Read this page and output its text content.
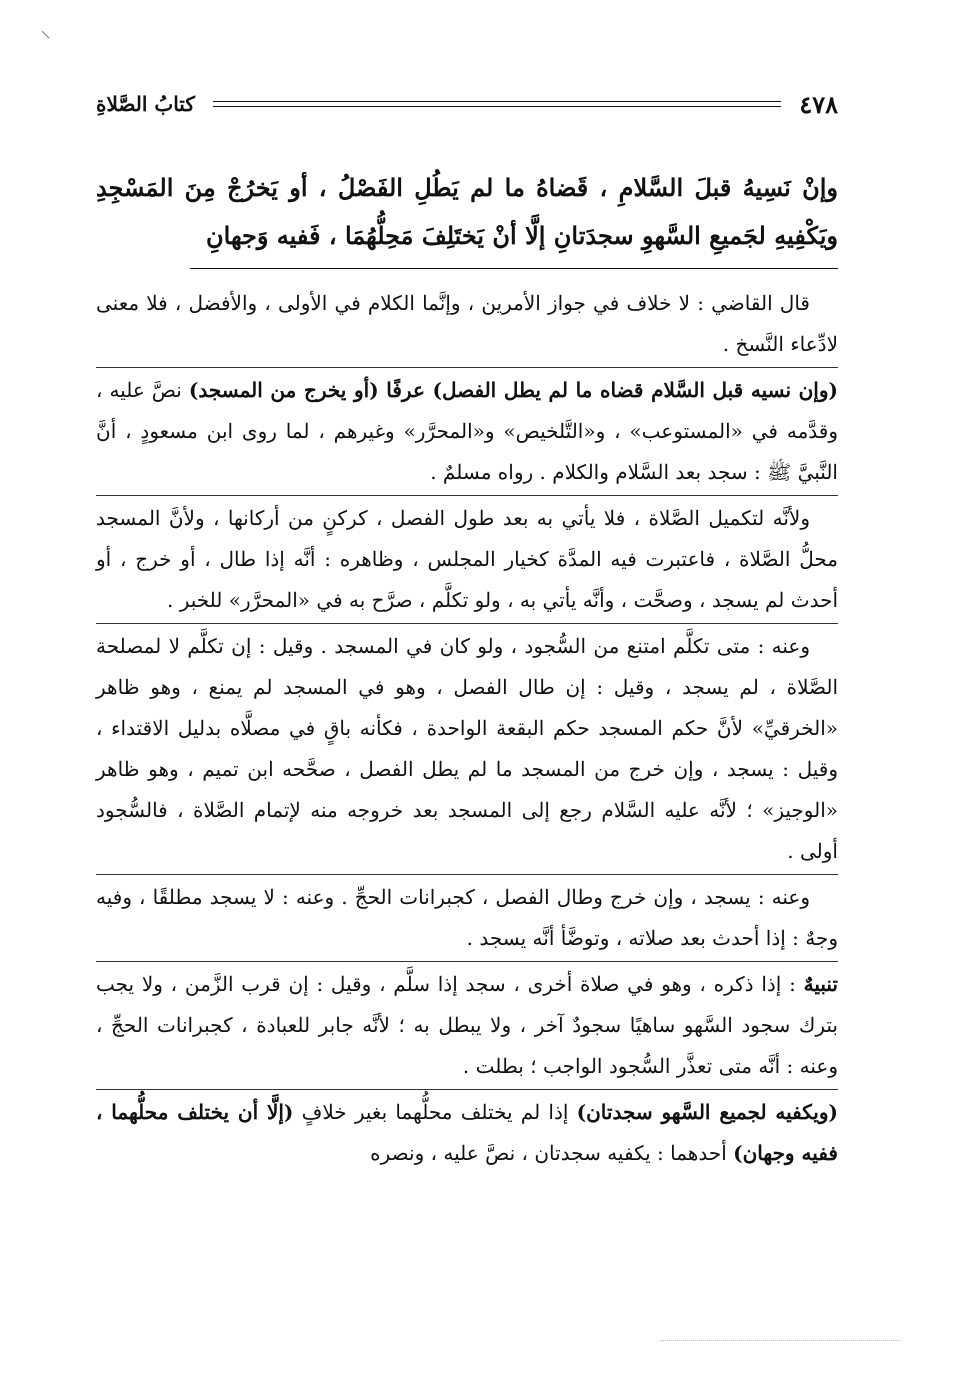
٤٧٨
كتابُ الصَّلاةِ
وإنْ نَسِيهُ قبلَ السَّلامِ ، قَضاهُ ما لم يَطُلِ الفَصْلُ ، أو يَخرُجْ مِنَ المَسْجِدِ ويَكْفِيهِ لجَميعِ السَّهوِ سجدَتانِ إلَّا أنْ يَختَلِفَ مَحِلُّهُمَا ، فَفيه وَجهانِ
قال القاضي : لا خلاف في جواز الأمرين ، وإنَّما الكلام في الأولى ، والأفضل ، فلا معنى لادِّعاء النَّسخ .
(وإن نسيه قبل السَّلام قضاه ما لم يطل الفصل) عرفًا (أو يخرج من المسجد) نصَّ عليه ، وقدَّمه في «المستوعب» ، و«التَّلخيص» و«المحرَّر» وغيرهم ، لما روى ابن مسعودٍ ، أنَّ النَّبيَّ ﷺ : سجد بعد السَّلام والكلام . رواه مسلمٌ .
ولأنَّه لتكميل الصَّلاة ، فلا يأتي به بعد طول الفصل ، كركنٍ من أركانها ، ولأنَّ المسجد محلُّ الصَّلاة ، فاعتبرت فيه المدَّة كخيار المجلس ، وظاهره : أنَّه إذا طال ، أو خرج ، أو أحدث لم يسجد ، وصحَّت ، وأنَّه يأتي به ، ولو تكلَّم ، صرَّح به في «المحرَّر» للخبر .
وعنه : متى تكلَّم امتنع من السُّجود ، ولو كان في المسجد . وقيل : إن تكلَّم لا لمصلحة الصَّلاة ، لم يسجد ، وقيل : إن طال الفصل ، وهو في المسجد لم يمنع ، وهو ظاهر «الخرقيِّ» لأنَّ حكم المسجد حكم البقعة الواحدة ، فكأنه باقٍ في مصلَّاه بدليل الاقتداء ، وقيل : يسجد ، وإن خرج من المسجد ما لم يطل الفصل ، صحَّحه ابن تميم ، وهو ظاهر «الوجيز» ؛ لأنَّه عليه السَّلام رجع إلى المسجد بعد خروجه منه لإتمام الصَّلاة ، فالسُّجود أولى .
وعنه : يسجد ، وإن خرج وطال الفصل ، كجبرانات الحجِّ . وعنه : لا يسجد مطلقًا ، وفيه وجهٌ : إذا أحدث بعد صلاته ، وتوضَّأ أنَّه يسجد .
تنبيهٌ : إذا ذكره ، وهو في صلاة أخرى ، سجد إذا سلَّم ، وقيل : إن قرب الزَّمن ، ولا يجب بترك سجود السَّهو ساهيًا سجودٌ آخر ، ولا يبطل به ؛ لأنَّه جابر للعبادة ، كجبرانات الحجِّ ، وعنه : أنَّه متى تعذَّر السُّجود الواجب ؛ بطلت .
(ويكفيه لجميع السَّهو سجدتان) إذا لم يختلف محلُّهما بغير خلافٍ (إلَّا أن يختلف محلُّهما ، ففيه وجهان) أحدهما : يكفيه سجدتان ، نصَّ عليه ، ونصره
